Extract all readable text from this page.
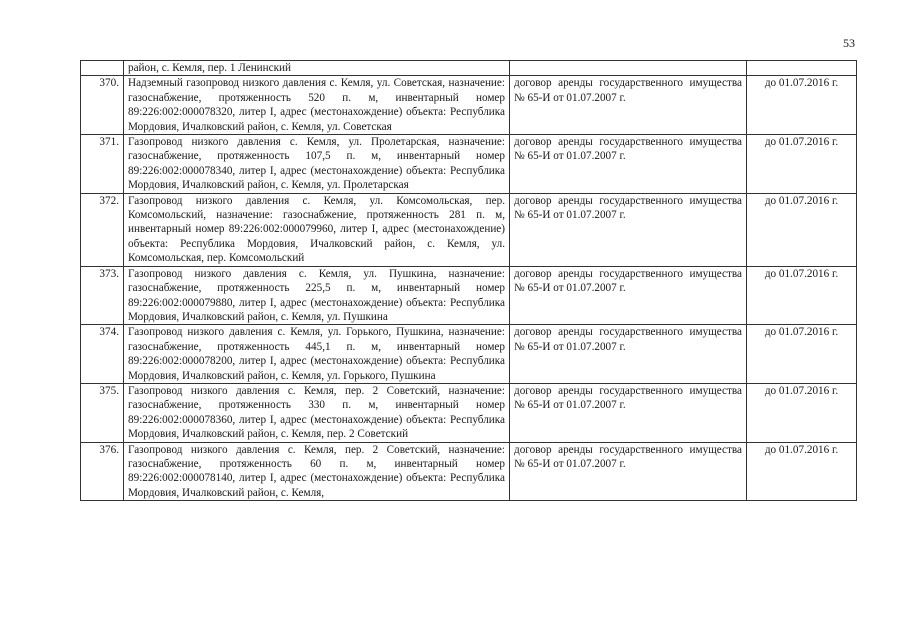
53
	район, с. Кемля, пер. 1 Ленинский		
370.	Надземный газопровод низкого давления с. Кемля, ул. Советская, назначение: газоснабжение, протяженность 520 п. м, инвентарный номер 89:226:002:000078320, литер I, адрес (местонахождение) объекта: Республика Мордовия, Ичалковский район, с. Кемля, ул. Советская	договор аренды государственного имущества № 65-И от 01.07.2007 г.	до 01.07.2016 г.
371.	Газопровод низкого давления с. Кемля, ул. Пролетарская, назначение: газоснабжение, протяженность 107,5 п. м, инвентарный номер 89:226:002:000078340, литер I, адрес (местонахождение) объекта: Республика Мордовия, Ичалковский район, с. Кемля, ул. Пролетарская	договор аренды государственного имущества № 65-И от 01.07.2007 г.	до 01.07.2016 г.
372.	Газопровод низкого давления с. Кемля, ул. Комсомольская, пер. Комсомольский, назначение: газоснабжение, протяженность 281 п. м, инвентарный номер 89:226:002:000079960, литер I, адрес (местонахождение) объекта: Республика Мордовия, Ичалковский район, с. Кемля, ул. Комсомольская, пер. Комсомольский	договор аренды государственного имущества № 65-И от 01.07.2007 г.	до 01.07.2016 г.
373.	Газопровод низкого давления с. Кемля, ул. Пушкина, назначение: газоснабжение, протяженность 225,5 п. м, инвентарный номер 89:226:002:000079880, литер I, адрес (местонахождение) объекта: Республика Мордовия, Ичалковский район, с. Кемля, ул. Пушкина	договор аренды государственного имущества № 65-И от 01.07.2007 г.	до 01.07.2016 г.
374.	Газопровод низкого давления с. Кемля, ул. Горького, Пушкина, назначение: газоснабжение, протяженность 445,1 п. м, инвентарный номер 89:226:002:000078200, литер I, адрес (местонахождение) объекта: Республика Мордовия, Ичалковский район, с. Кемля, ул. Горького, Пушкина	договор аренды государственного имущества № 65-И от 01.07.2007 г.	до 01.07.2016 г.
375.	Газопровод низкого давления с. Кемля, пер. 2 Советский, назначение: газоснабжение, протяженность 330 п. м, инвентарный номер 89:226:002:000078360, литер I, адрес (местонахождение) объекта: Республика Мордовия, Ичалковский район, с. Кемля, пер. 2 Советский	договор аренды государственного имущества № 65-И от 01.07.2007 г.	до 01.07.2016 г.
376.	Газопровод низкого давления с. Кемля, пер. 2 Советский, назначение: газоснабжение, протяженность 60 п. м, инвентарный номер 89:226:002:000078140, литер I, адрес (местонахождение) объекта: Республика Мордовия, Ичалковский район, с. Кемля,	договор аренды государственного имущества № 65-И от 01.07.2007 г.	до 01.07.2016 г.
